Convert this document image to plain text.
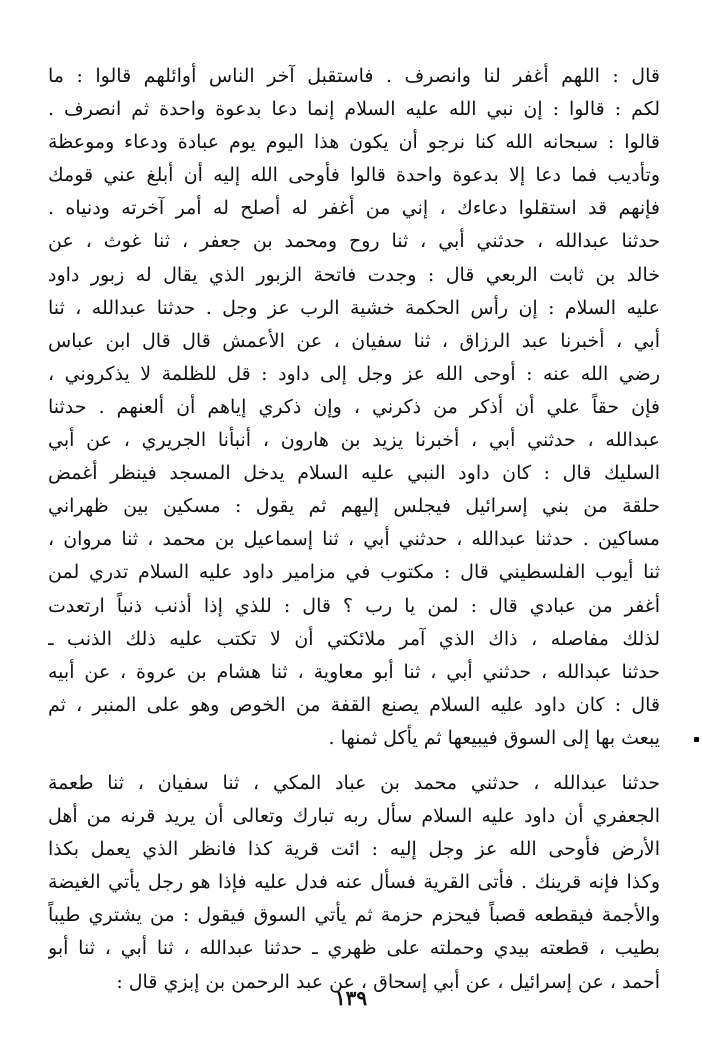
قال : اللهم أغفر لنا وانصرف . فاستقبل آخر الناس أوائلهم قالوا : ما
لكم : قالوا : إن نبي الله عليه السلام إنما دعا بدعوة واحدة ثم انصرف .
قالوا : سبحانه الله كنا نرجو أن يكون هذا اليوم يوم عبادة ودعاء وموعظة
وتأديب فما دعا إلا بدعوة واحدة قالوا فأوحى الله إليه أن أبلغ عني قومك
فإنهم قد استقلوا دعاءك ، إني من أغفر له أصلح له أمر آخرته ودنياه .
حدثنا عبدالله ، حدثني أبي ، ثنا روح ومحمد بن جعفر ، ثنا غوث ، عن
خالد بن ثابت الربعي قال : وجدت فاتحة الزبور الذي يقال له زبور داود
عليه السلام : إن رأس الحكمة خشية الرب عز وجل . حدثنا عبدالله ، ثنا
أبي ، أخبرنا عبد الرزاق ، ثنا سفيان ، عن الأعمش قال قال ابن عباس
رضي الله عنه : أوحى الله عز وجل إلى داود : قل للظلمة لا يذكروني ،
فإن حقاً علي أن أذكر من ذكرني ، وإن ذكري إياهم أن ألعنهم . حدثنا
عبدالله ، حدثني أبي ، أخبرنا يزيد بن هارون ، أنبأنا الجريري ، عن أبي
السليك قال : كان داود النبي عليه السلام يدخل المسجد فينظر أغمض
حلقة من بني إسرائيل فيجلس إليهم ثم يقول : مسكين بين ظهراني
مساكين . حدثنا عبدالله ، حدثني أبي ، ثنا إسماعيل بن محمد ، ثنا مروان ،
ثنا أيوب الفلسطيني قال : مكتوب في مزامير داود عليه السلام تدري لمن
أغفر من عبادي قال : لمن يا رب ؟ قال : للذي إذا أذنب ذنباً ارتعدت
لذلك مفاصله ، ذاك الذي آمر ملائكتي أن لا تكتب عليه ذلك الذنب ـ
حدثنا عبدالله ، حدثني أبي ، ثنا أبو معاوية ، ثنا هشام بن عروة ، عن أبيه
قال : كان داود عليه السلام يصنع القفة من الخوص وهو على المنبر ، ثم
يبعث بها إلى السوق فيبيعها ثم يأكل ثمنها .
حدثنا عبدالله ، حدثني محمد بن عباد المكي ، ثنا سفيان ، ثنا طعمة
الجعفري أن داود عليه السلام سأل ربه تبارك وتعالى أن يريد قرنه من أهل
الأرض فأوحى الله عز وجل إليه : ائت قرية كذا فانظر الذي يعمل بكذا
وكذا فإنه قرينك . فأتى القرية فسأل عنه فدل عليه فإذا هو رجل يأتي الغيضة
والأجمة فيقطعه قصباً فيحزم حزمة ثم يأتي السوق فيقول : من يشتري طيباً
بطيب ، قطعته بيدي وحملته على ظهري ـ حدثنا عبدالله ، ثنا أبي ، ثنا أبو
أحمد ، عن إسرائيل ، عن أبي إسحاق ، عن عبد الرحمن بن إبزي قال :
١٣٩
